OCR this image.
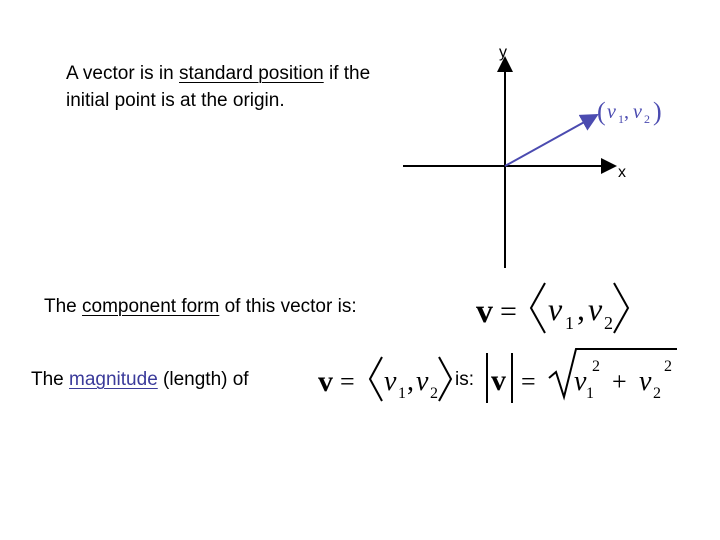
A vector is in standard position if the
initial point is at the origin.
x
y
( v 1 , v 2 )
v = v 1 , v 2
v = v 1 , v 2 v = v 1
2
+ v 2
2
The component form of this vector is:
The magnitude (length) of	is:
